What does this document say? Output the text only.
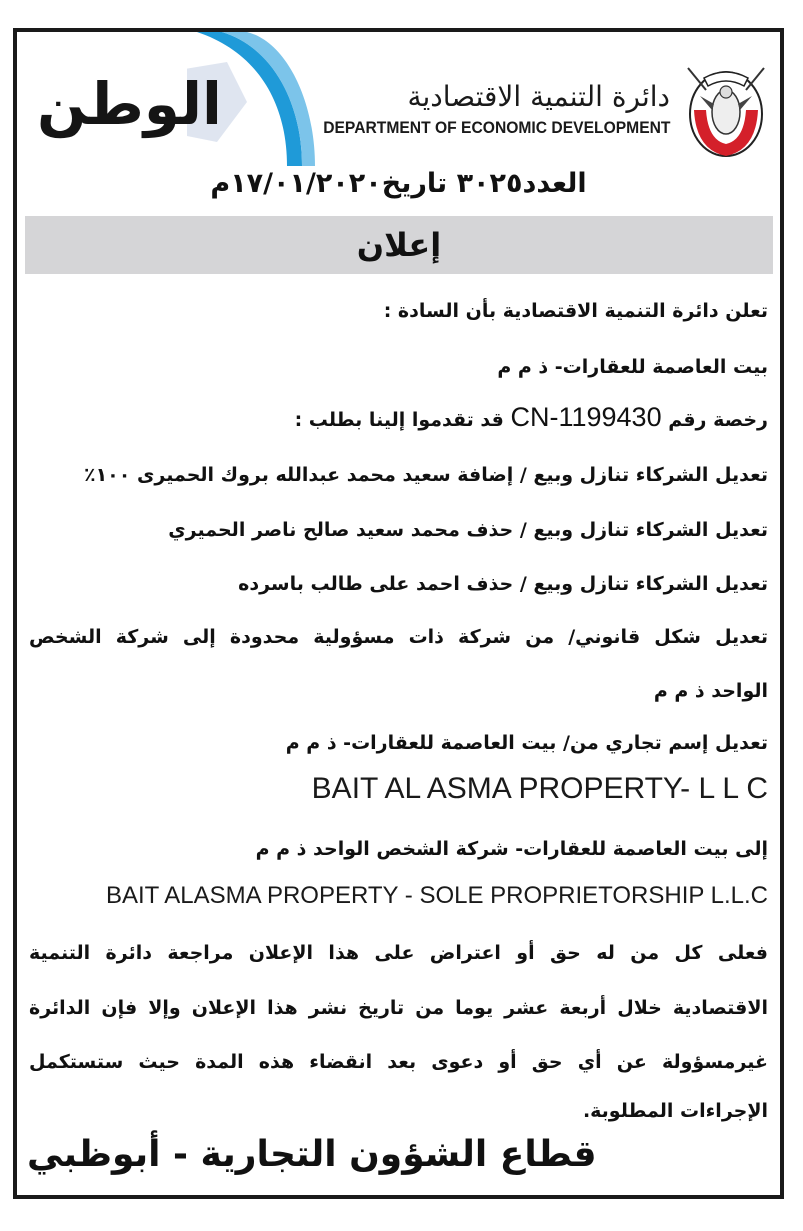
الوطن	دائرة التنمية الاقتصادية
DEPARTMENT OF ECONOMIC DEVELOPMENT
العدد٣٠٢٥ تاريخ١٧/٠١/٢٠٢٠م
إعلان
تعلن دائرة التنمية الاقتصادية بأن السادة :
بيت العاصمة للعقارات- ذ م م
رخصة رقم CN-1199430 قد تقدموا إلينا بطلب :
تعديل الشركاء تنازل وبيع / إضافة سعيد محمد عبدالله بروك الحميرى ١٠٠٪
تعديل الشركاء تنازل وبيع / حذف محمد سعيد صالح ناصر الحميري
تعديل الشركاء تنازل وبيع / حذف احمد على طالب باسرده
تعديل شكل قانوني/ من شركة ذات مسؤولية محدودة إلى شركة الشخص
الواحد ذ م م
تعديل إسم تجاري من/ بيت العاصمة للعقارات- ذ م م
BAIT AL ASMA PROPERTY- L L C
إلى بيت العاصمة للعقارات- شركة الشخص الواحد ذ م م
BAIT ALASMA PROPERTY - SOLE PROPRIETORSHIP L.L.C
فعلى كل من له حق أو اعتراض على هذا الإعلان مراجعة دائرة التنمية
الاقتصادية خلال أربعة عشر يوما من تاريخ نشر هذا الإعلان وإلا فإن الدائرة
غيرمسؤولة عن أي حق أو دعوى بعد انقضاء هذه المدة حيث ستستكمل
الإجراءات المطلوبة.
قطاع الشؤون التجارية - أبوظبي
